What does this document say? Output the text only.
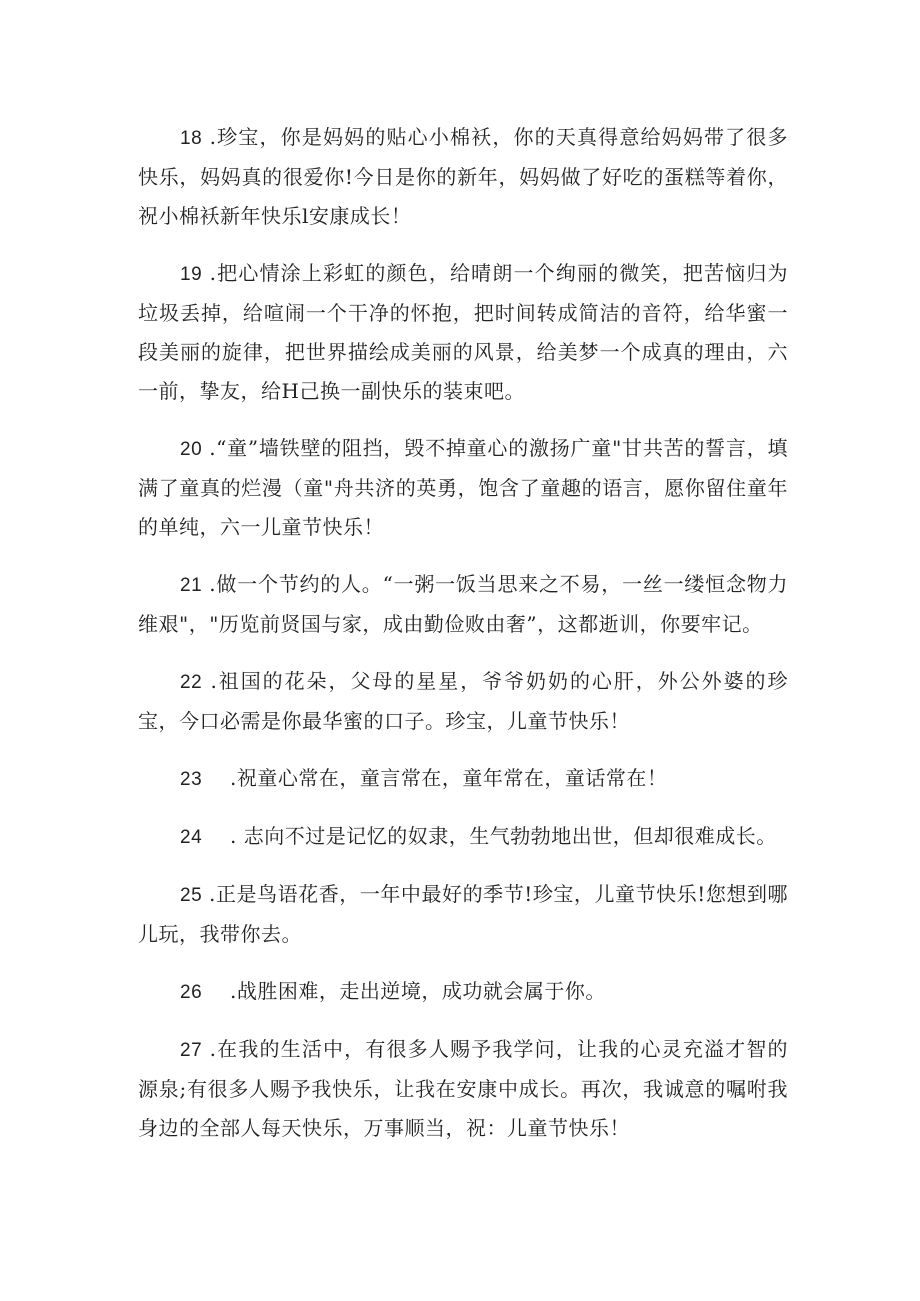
18 .珍宝，你是妈妈的贴心小棉袄，你的天真得意给妈妈带了很多快乐，妈妈真的很爱你!今日是你的新年，妈妈做了好吃的蛋糕等着你，祝小棉袄新年快乐l安康成长！

19 .把心情涂上彩虹的颜色，给晴朗一个绚丽的微笑，把苦恼归为垃圾丢掉，给喧闹一个干净的怀抱，把时间转成简洁的音符，给华蜜一段美丽的旋律，把世界描绘成美丽的风景，给美梦一个成真的理由，六一前，挚友，给H己换一副快乐的装束吧。

20 .“童”墙铁壁的阻挡，毁不掉童心的激扬广童"甘共苦的誓言，填满了童真的烂漫（童"舟共济的英勇，饱含了童趣的语言，愿你留住童年的单纯，六一儿童节快乐！

21 .做一个节约的人。“一粥一饭当思来之不易，一丝一缕恒念物力维艰"，"历览前贤国与家，成由勤俭败由奢”，这都逝训，你要牢记。

22 .祖国的花朵，父母的星星，爷爷奶奶的心肝，外公外婆的珍宝，今口必需是你最华蜜的口子。珍宝，儿童节快乐！

23 .祝童心常在，童言常在，童年常在，童话常在！

24 . 志向不过是记忆的奴隶，生气勃勃地出世，但却很难成长。

25 .正是鸟语花香，一年中最好的季节!珍宝，儿童节快乐!您想到哪儿玩，我带你去。

26 .战胜困难，走出逆境，成功就会属于你。

27 .在我的生活中，有很多人赐予我学问，让我的心灵充溢才智的源泉;有很多人赐予我快乐，让我在安康中成长。再次，我诚意的嘱咐我身边的全部人每天快乐，万事顺当，祝：儿童节快乐！
